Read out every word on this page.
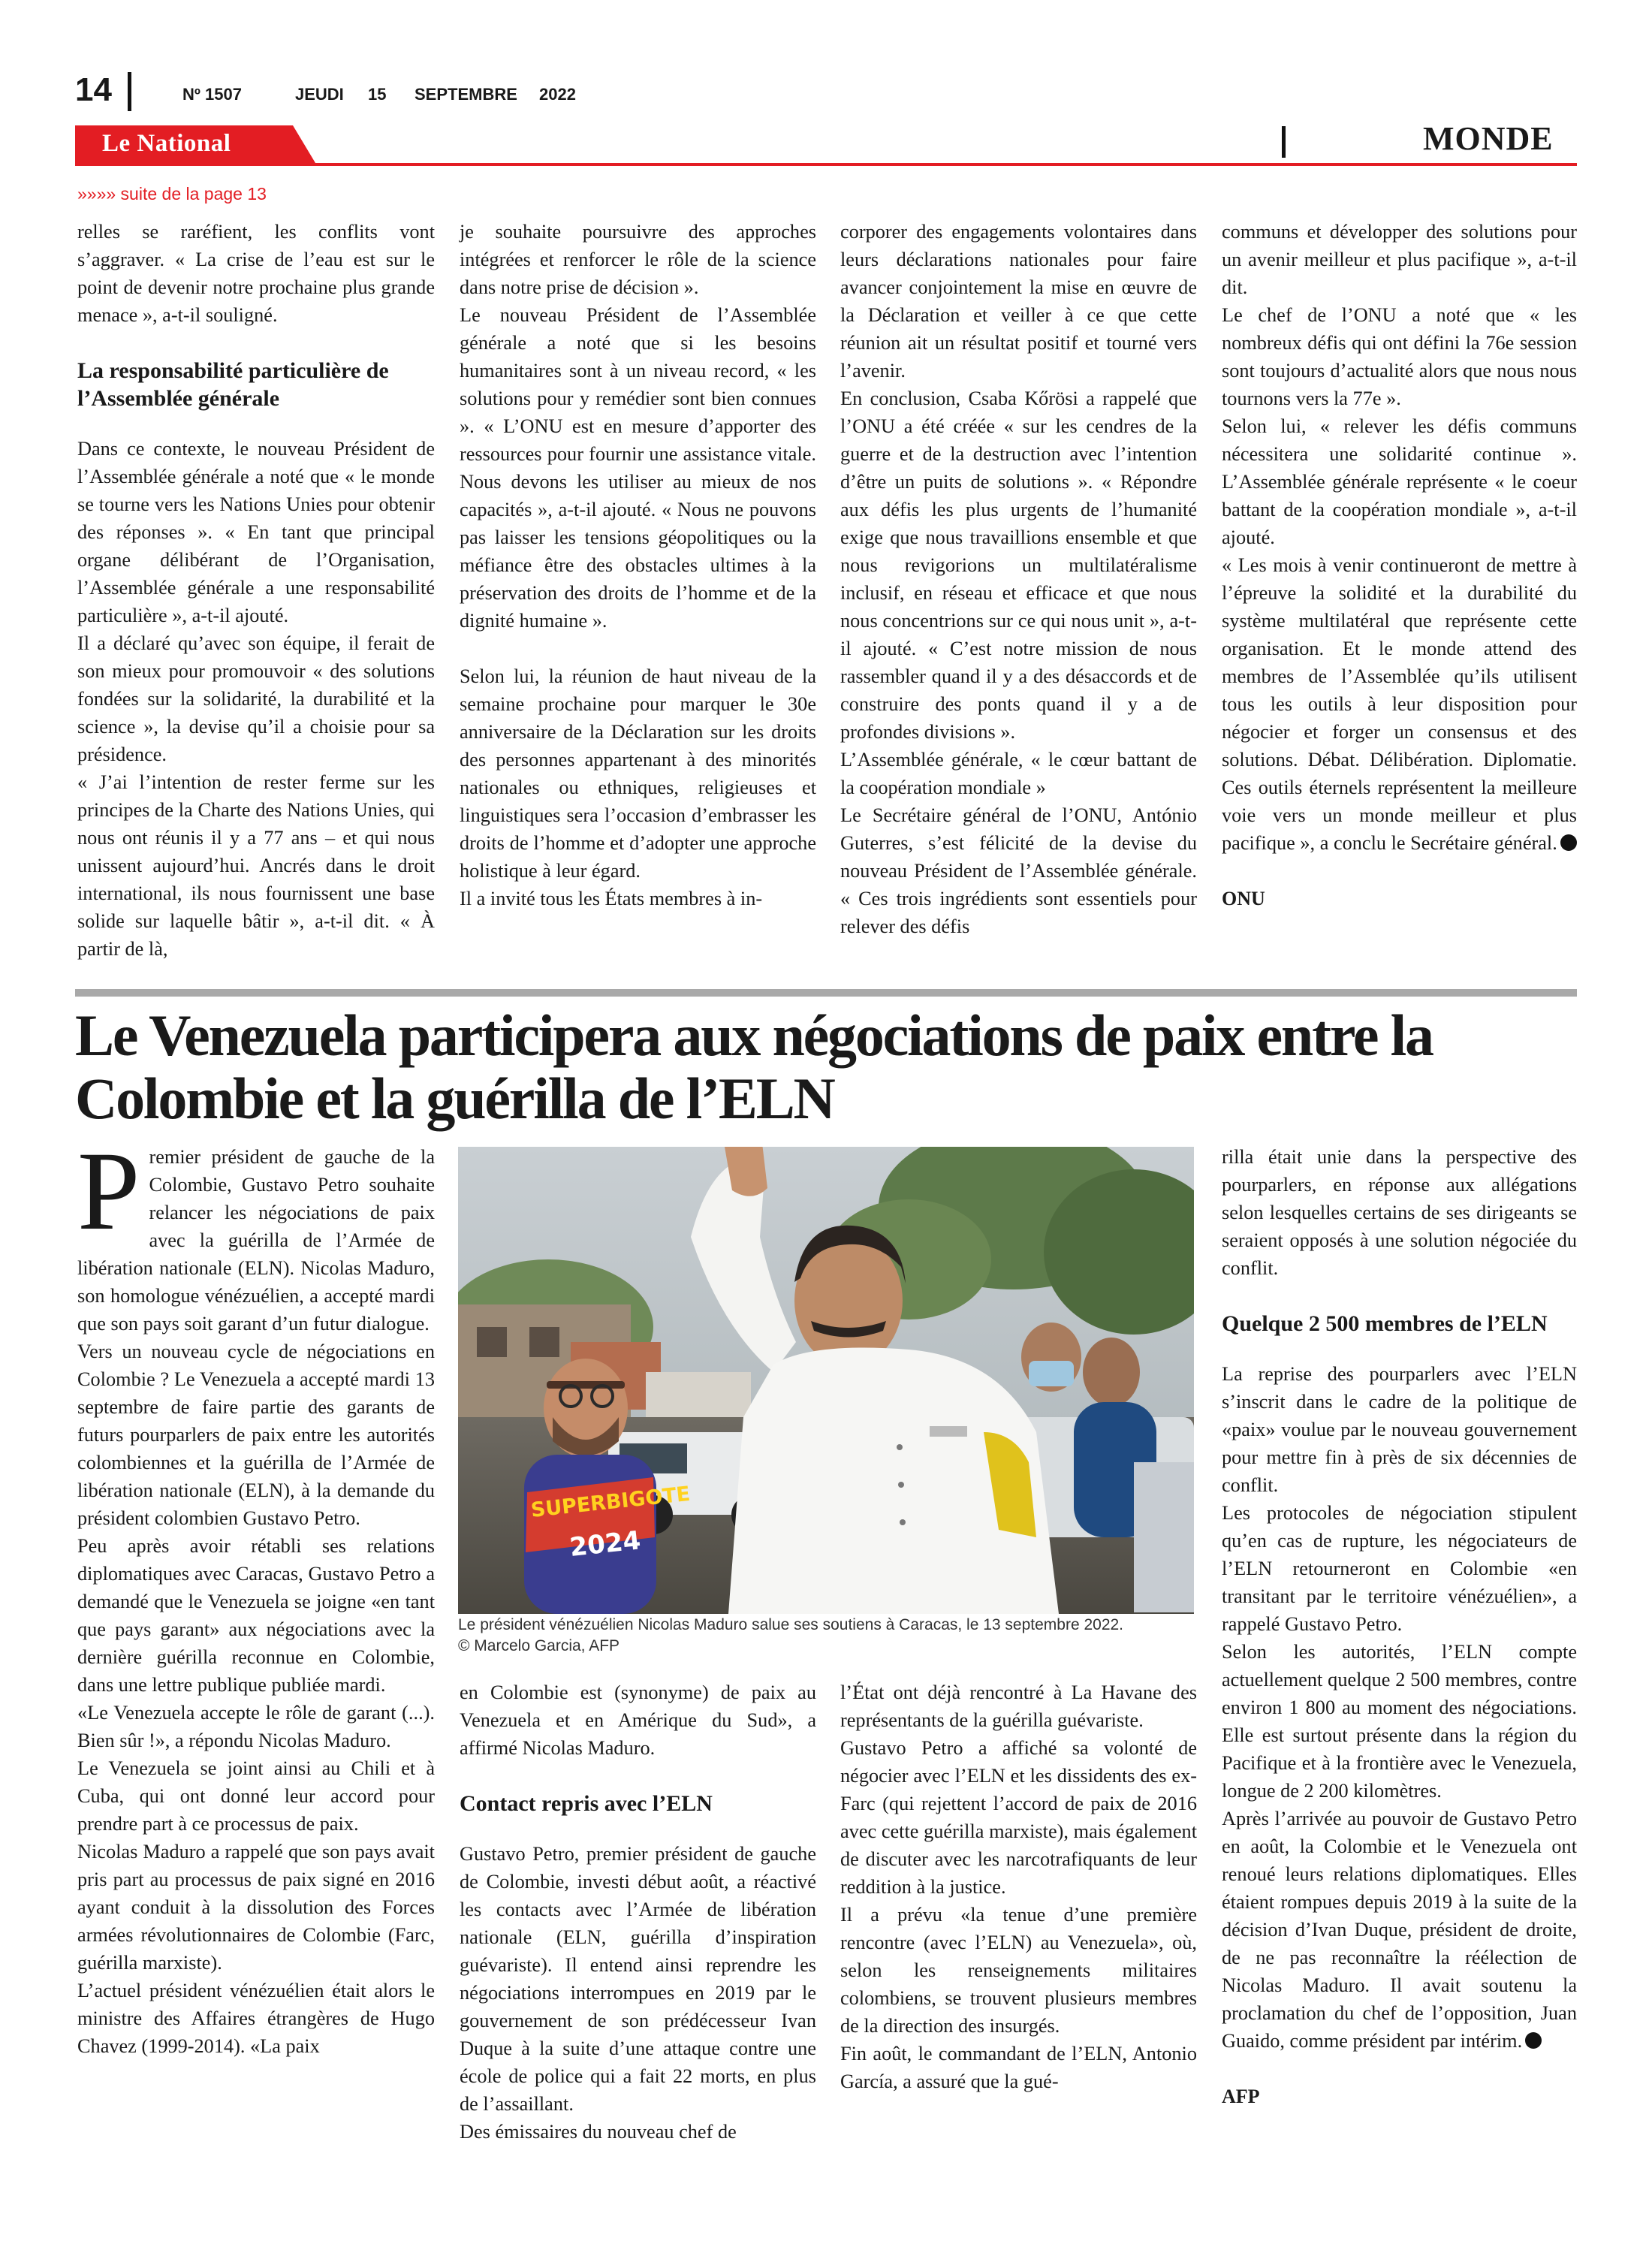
14	Nº 1507	JEUDI 15 SEPTEMBRE 2022
Le National	MONDE
»»»» suite de la page 13

relles se raréfient, les conflits vont s’aggraver. « La crise de l’eau est sur le point de devenir notre prochaine plus grande menace », a-t-il souligné.

La responsabilité particulière de l’Assemblée générale

Dans ce contexte, le nouveau Président de l’Assemblée générale a noté que « le monde se tourne vers les Nations Unies pour obtenir des réponses ». « En tant que principal organe délibérant de l’Organisation, l’Assemblée générale a une responsabilité particulière », a-t-il ajouté.

Il a déclaré qu’avec son équipe, il ferait de son mieux pour promouvoir « des solutions fondées sur la solidarité, la durabilité et la science », la devise qu’il a choisie pour sa présidence.

« J’ai l’intention de rester ferme sur les principes de la Charte des Nations Unies, qui nous ont réunis il y a 77 ans – et qui nous unissent aujourd’hui. Ancrés dans le droit international, ils nous fournissent une base solide sur laquelle bâtir », a-t-il dit. « À partir de là,

je souhaite poursuivre des approches intégrées et renforcer le rôle de la science dans notre prise de décision ».

Le nouveau Président de l’Assemblée générale a noté que si les besoins humanitaires sont à un niveau record, « les solutions pour y remédier sont bien connues ». « L’ONU est en mesure d’apporter des ressources pour fournir une assistance vitale. Nous devons les utiliser au mieux de nos capacités », a-t-il ajouté. « Nous ne pouvons pas laisser les tensions géopolitiques ou la méfiance être des obstacles ultimes à la préservation des droits de l’homme et de la dignité humaine ».

Selon lui, la réunion de haut niveau de la semaine prochaine pour marquer le 30e anniversaire de la Déclaration sur les droits des personnes appartenant à des minorités nationales ou ethniques, religieuses et linguistiques sera l’occasion d’embrasser les droits de l’homme et d’adopter une approche holistique à leur égard.

Il a invité tous les États membres à in-

corporer des engagements volontaires dans leurs déclarations nationales pour faire avancer conjointement la mise en œuvre de la Déclaration et veiller à ce que cette réunion ait un résultat positif et tourné vers l’avenir.

En conclusion, Csaba Kőrösi a rappelé que l’ONU a été créée « sur les cendres de la guerre et de la destruction avec l’intention d’être un puits de solutions ». « Répondre aux défis les plus urgents de l’humanité exige que nous travaillions ensemble et que nous revigorions un multilatéralisme inclusif, en réseau et efficace et que nous nous concentrions sur ce qui nous unit », a-t-il ajouté. « C’est notre mission de nous rassembler quand il y a des désaccords et de construire des ponts quand il y a de profondes divisions ».

L’Assemblée générale, « le cœur battant de la coopération mondiale »

Le Secrétaire général de l’ONU, António Guterres, s’est félicité de la devise du nouveau Président de l’Assemblée générale. « Ces trois ingrédients sont essentiels pour relever des défis

communs et développer des solutions pour un avenir meilleur et plus pacifique », a-t-il dit.

Le chef de l’ONU a noté que « les nombreux défis qui ont défini la 76e session sont toujours d’actualité alors que nous nous tournons vers la 77e ».

Selon lui, « relever les défis communs nécessitera une solidarité continue ». L’Assemblée générale représente « le coeur battant de la coopération mondiale », a-t-il ajouté.

« Les mois à venir continueront de mettre à l’épreuve la solidité et la durabilité du système multilatéral que représente cette organisation. Et le monde attend des membres de l’Assemblée qu’ils utilisent tous les outils à leur disposition pour négocier et forger un consensus et des solutions. Débat. Délibération. Diplomatie. Ces outils éternels représentent la meilleure voie vers un monde meilleur et plus pacifique », a conclu le Secrétaire général.

ONU
Le Venezuela participera aux négociations de paix entre la Colombie et la guérilla de l’ELN

Premier président de gauche de la Colombie, Gustavo Petro souhaite relancer les négociations de paix avec la guérilla de l’Armée de libération nationale (ELN). Nicolas Maduro, son homologue vénézuélien, a accepté mardi que son pays soit garant d’un futur dialogue.

Vers un nouveau cycle de négociations en Colombie ? Le Venezuela a accepté mardi 13 septembre de faire partie des garants de futurs pourparlers de paix entre les autorités colombiennes et la guérilla de l’Armée de libération nationale (ELN), à la demande du président colombien Gustavo Petro.

Peu après avoir rétabli ses relations diplomatiques avec Caracas, Gustavo Petro a demandé que le Venezuela se joigne «en tant que pays garant» aux négociations avec la dernière guérilla reconnue en Colombie, dans une lettre publique publiée mardi.

«Le Venezuela accepte le rôle de garant (...). Bien sûr !», a répondu Nicolas Maduro.

Le Venezuela se joint ainsi au Chili et à Cuba, qui ont donné leur accord pour prendre part à ce processus de paix.

Nicolas Maduro a rappelé que son pays avait pris part au processus de paix signé en 2016 ayant conduit à la dissolution des Forces armées révolutionnaires de Colombie (Farc, guérilla marxiste).

L’actuel président vénézuélien était alors le ministre des Affaires étrangères de Hugo Chavez (1999-2014). «La paix

SUPERBIGOTE
2024
Le président vénézuélien Nicolas Maduro salue ses soutiens à Caracas, le 13 septembre 2022.
© Marcelo Garcia, AFP

en Colombie est (synonyme) de paix au Venezuela et en Amérique du Sud», a affirmé Nicolas Maduro.

Contact repris avec l’ELN

Gustavo Petro, premier président de gauche de Colombie, investi début août, a réactivé les contacts avec l’Armée de libération nationale (ELN, guérilla d’inspiration guévariste). Il entend ainsi reprendre les négociations interrompues en 2019 par le gouvernement de son prédécesseur Ivan Duque à la suite d’une attaque contre une école de police qui a fait 22 morts, en plus de l’assaillant.

Des émissaires du nouveau chef de

l’État ont déjà rencontré à La Havane des représentants de la guérilla guévariste.

Gustavo Petro a affiché sa volonté de négocier avec l’ELN et les dissidents des ex-Farc (qui rejettent l’accord de paix de 2016 avec cette guérilla marxiste), mais également de discuter avec les narcotrafiquants de leur reddition à la justice.

Il a prévu «la tenue d’une première rencontre (avec l’ELN) au Venezuela», où, selon les renseignements militaires colombiens, se trouvent plusieurs membres de la direction des insurgés.

Fin août, le commandant de l’ELN, Antonio García, a assuré que la gué-

rilla était unie dans la perspective des pourparlers, en réponse aux allégations selon lesquelles certains de ses dirigeants se seraient opposés à une solution négociée du conflit.

Quelque 2 500 membres de l’ELN

La reprise des pourparlers avec l’ELN s’inscrit dans le cadre de la politique de «paix» voulue par le nouveau gouvernement pour mettre fin à près de six décennies de conflit.

Les protocoles de négociation stipulent qu’en cas de rupture, les négociateurs de l’ELN retourneront en Colombie «en transitant par le territoire vénézuélien», a rappelé Gustavo Petro.

Selon les autorités, l’ELN compte actuellement quelque 2 500 membres, contre environ 1 800 au moment des négociations. Elle est surtout présente dans la région du Pacifique et à la frontière avec le Venezuela, longue de 2 200 kilomètres.

Après l’arrivée au pouvoir de Gustavo Petro en août, la Colombie et le Venezuela ont renoué leurs relations diplomatiques. Elles étaient rompues depuis 2019 à la suite de la décision d’Ivan Duque, président de droite, de ne pas reconnaître la réélection de Nicolas Maduro. Il avait soutenu la proclamation du chef de l’opposition, Juan Guaido, comme président par intérim.

AFP
